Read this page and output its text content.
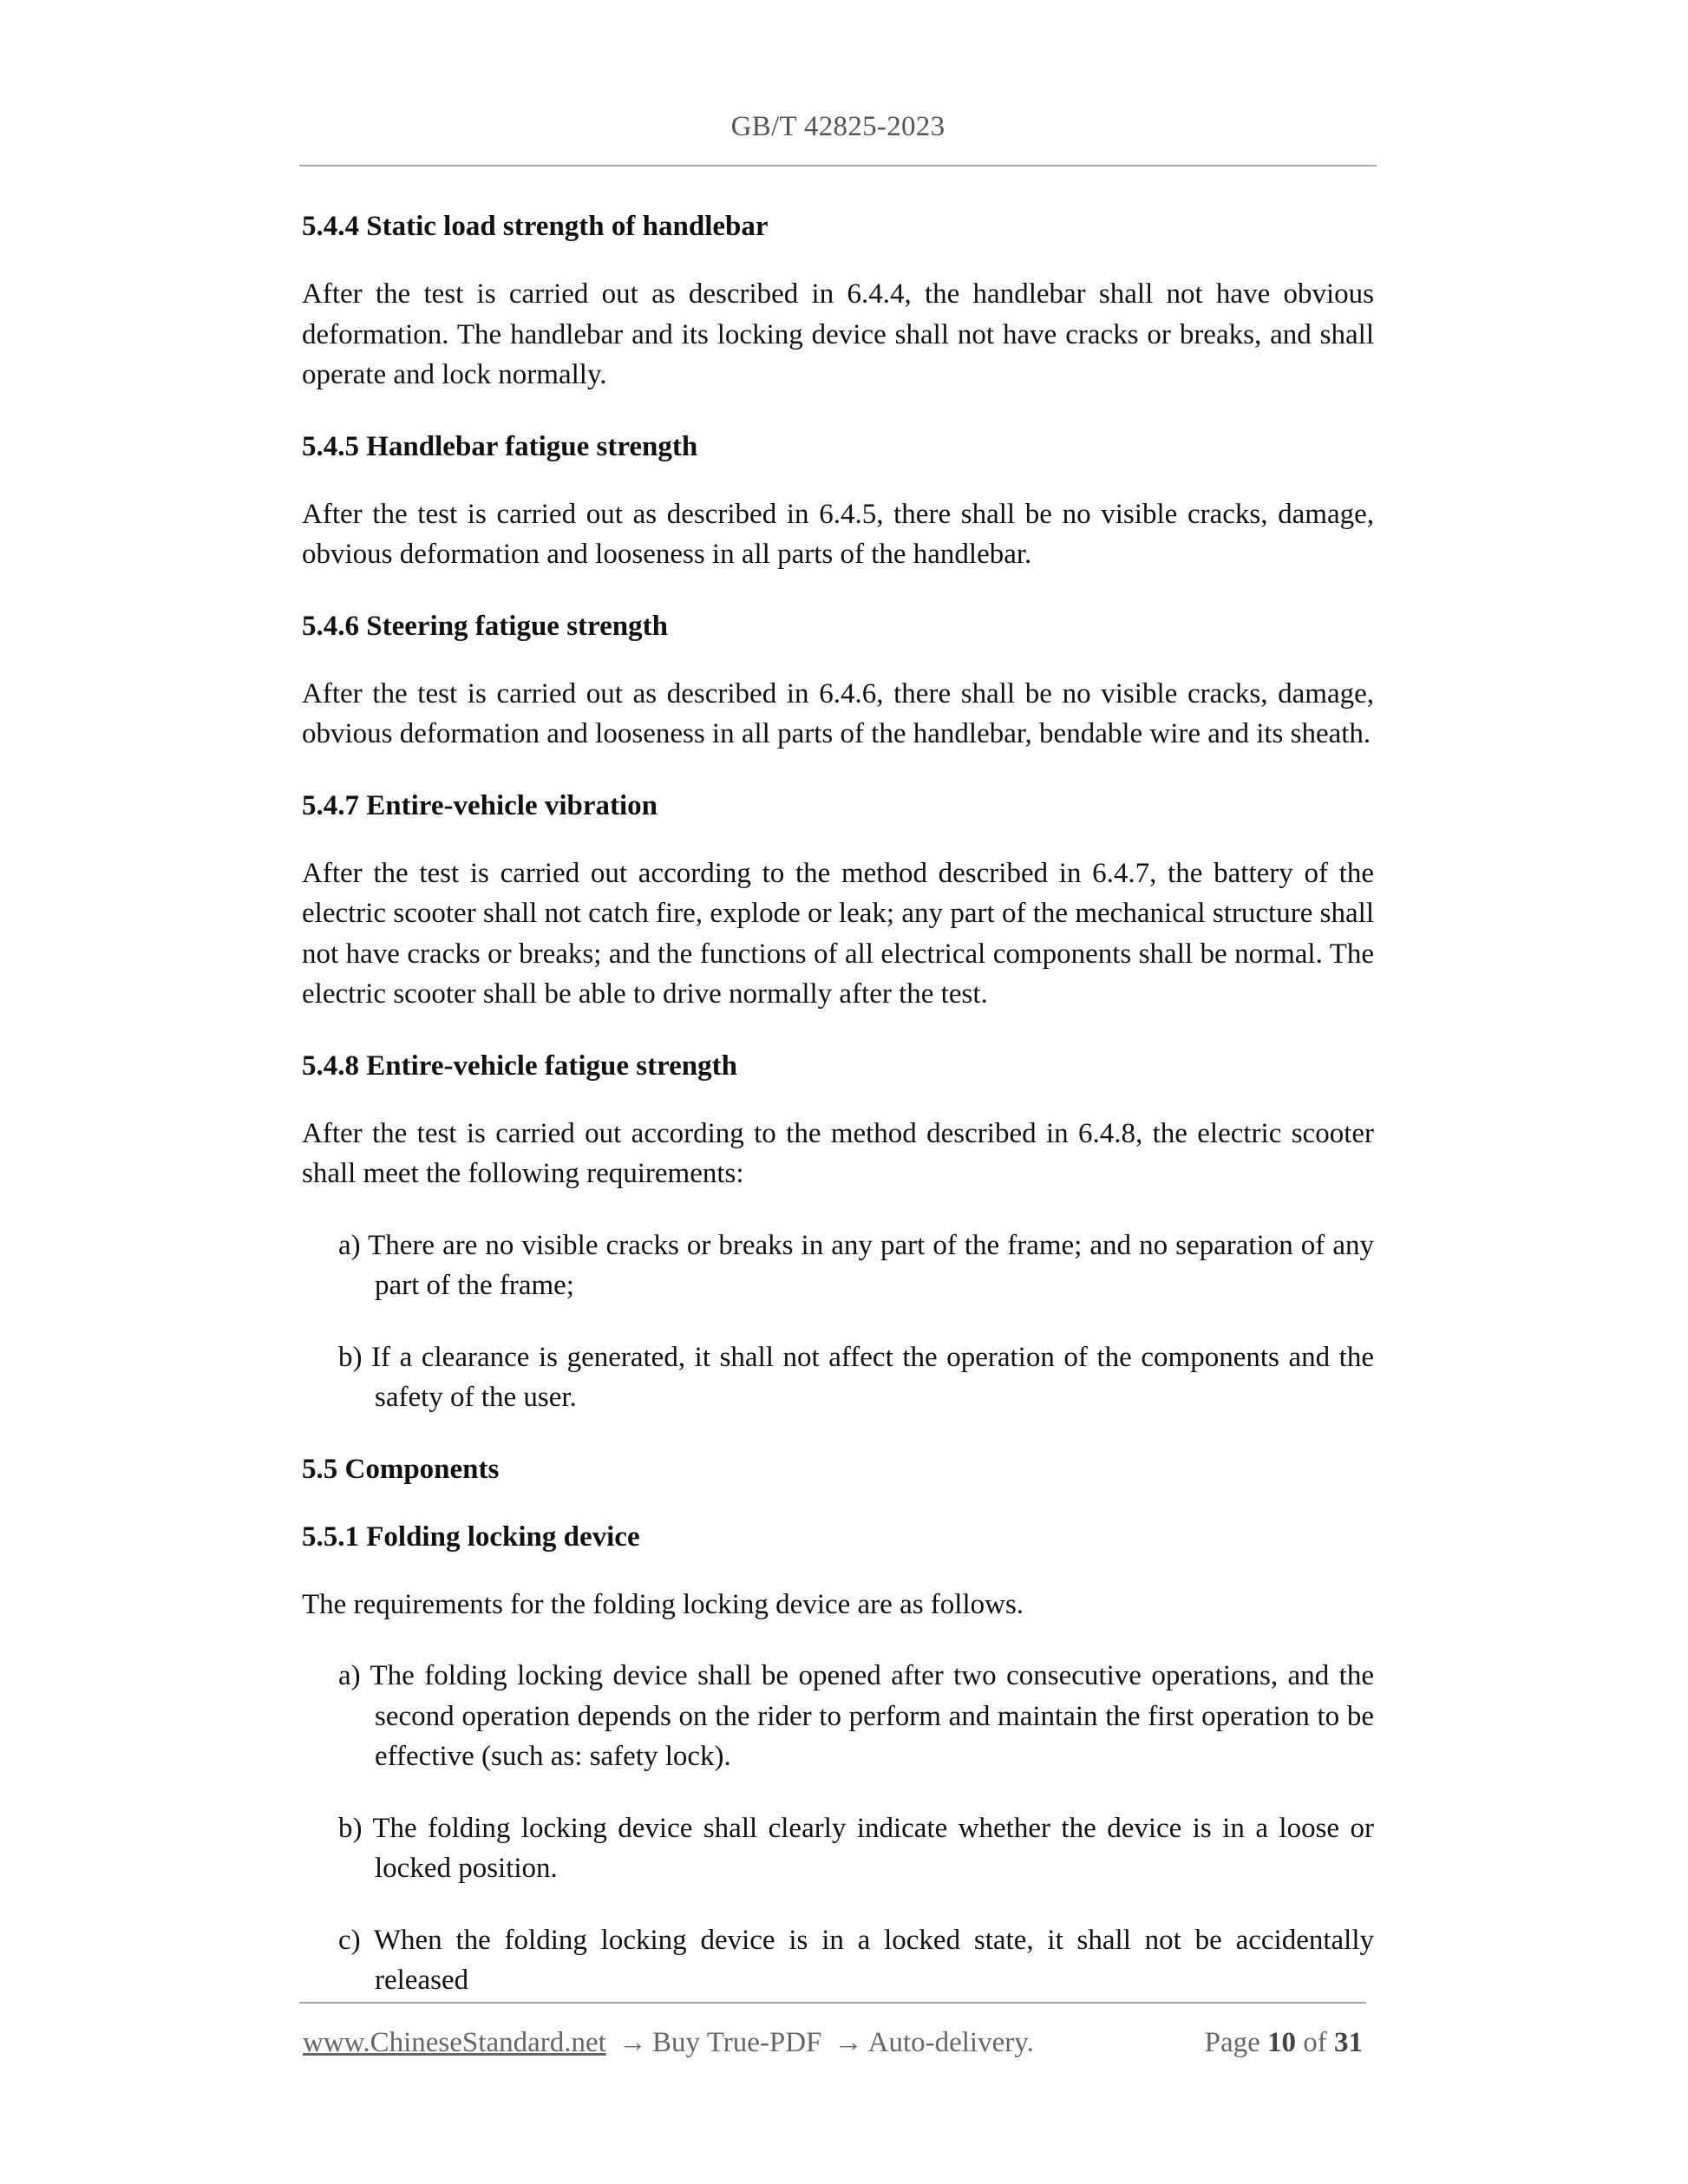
GB/T 42825-2023
5.4.4 Static load strength of handlebar

After the test is carried out as described in 6.4.4, the handlebar shall not have obvious deformation. The handlebar and its locking device shall not have cracks or breaks, and shall operate and lock normally.

5.4.5 Handlebar fatigue strength

After the test is carried out as described in 6.4.5, there shall be no visible cracks, damage, obvious deformation and looseness in all parts of the handlebar.

5.4.6 Steering fatigue strength

After the test is carried out as described in 6.4.6, there shall be no visible cracks, damage, obvious deformation and looseness in all parts of the handlebar, bendable wire and its sheath.

5.4.7 Entire-vehicle vibration

After the test is carried out according to the method described in 6.4.7, the battery of the electric scooter shall not catch fire, explode or leak; any part of the mechanical structure shall not have cracks or breaks; and the functions of all electrical components shall be normal. The electric scooter shall be able to drive normally after the test.

5.4.8 Entire-vehicle fatigue strength

After the test is carried out according to the method described in 6.4.8, the electric scooter shall meet the following requirements:

a) There are no visible cracks or breaks in any part of the frame; and no separation of any part of the frame;

b) If a clearance is generated, it shall not affect the operation of the components and the safety of the user.

5.5 Components
5.5.1 Folding locking device

The requirements for the folding locking device are as follows.

a) The folding locking device shall be opened after two consecutive operations, and the second operation depends on the rider to perform and maintain the first operation to be effective (such as: safety lock).

b) The folding locking device shall clearly indicate whether the device is in a loose or locked position.

c) When the folding locking device is in a locked state, it shall not be accidentally released

www.ChineseStandard.net → Buy True-PDF → Auto-delivery.	Page 10 of 31
